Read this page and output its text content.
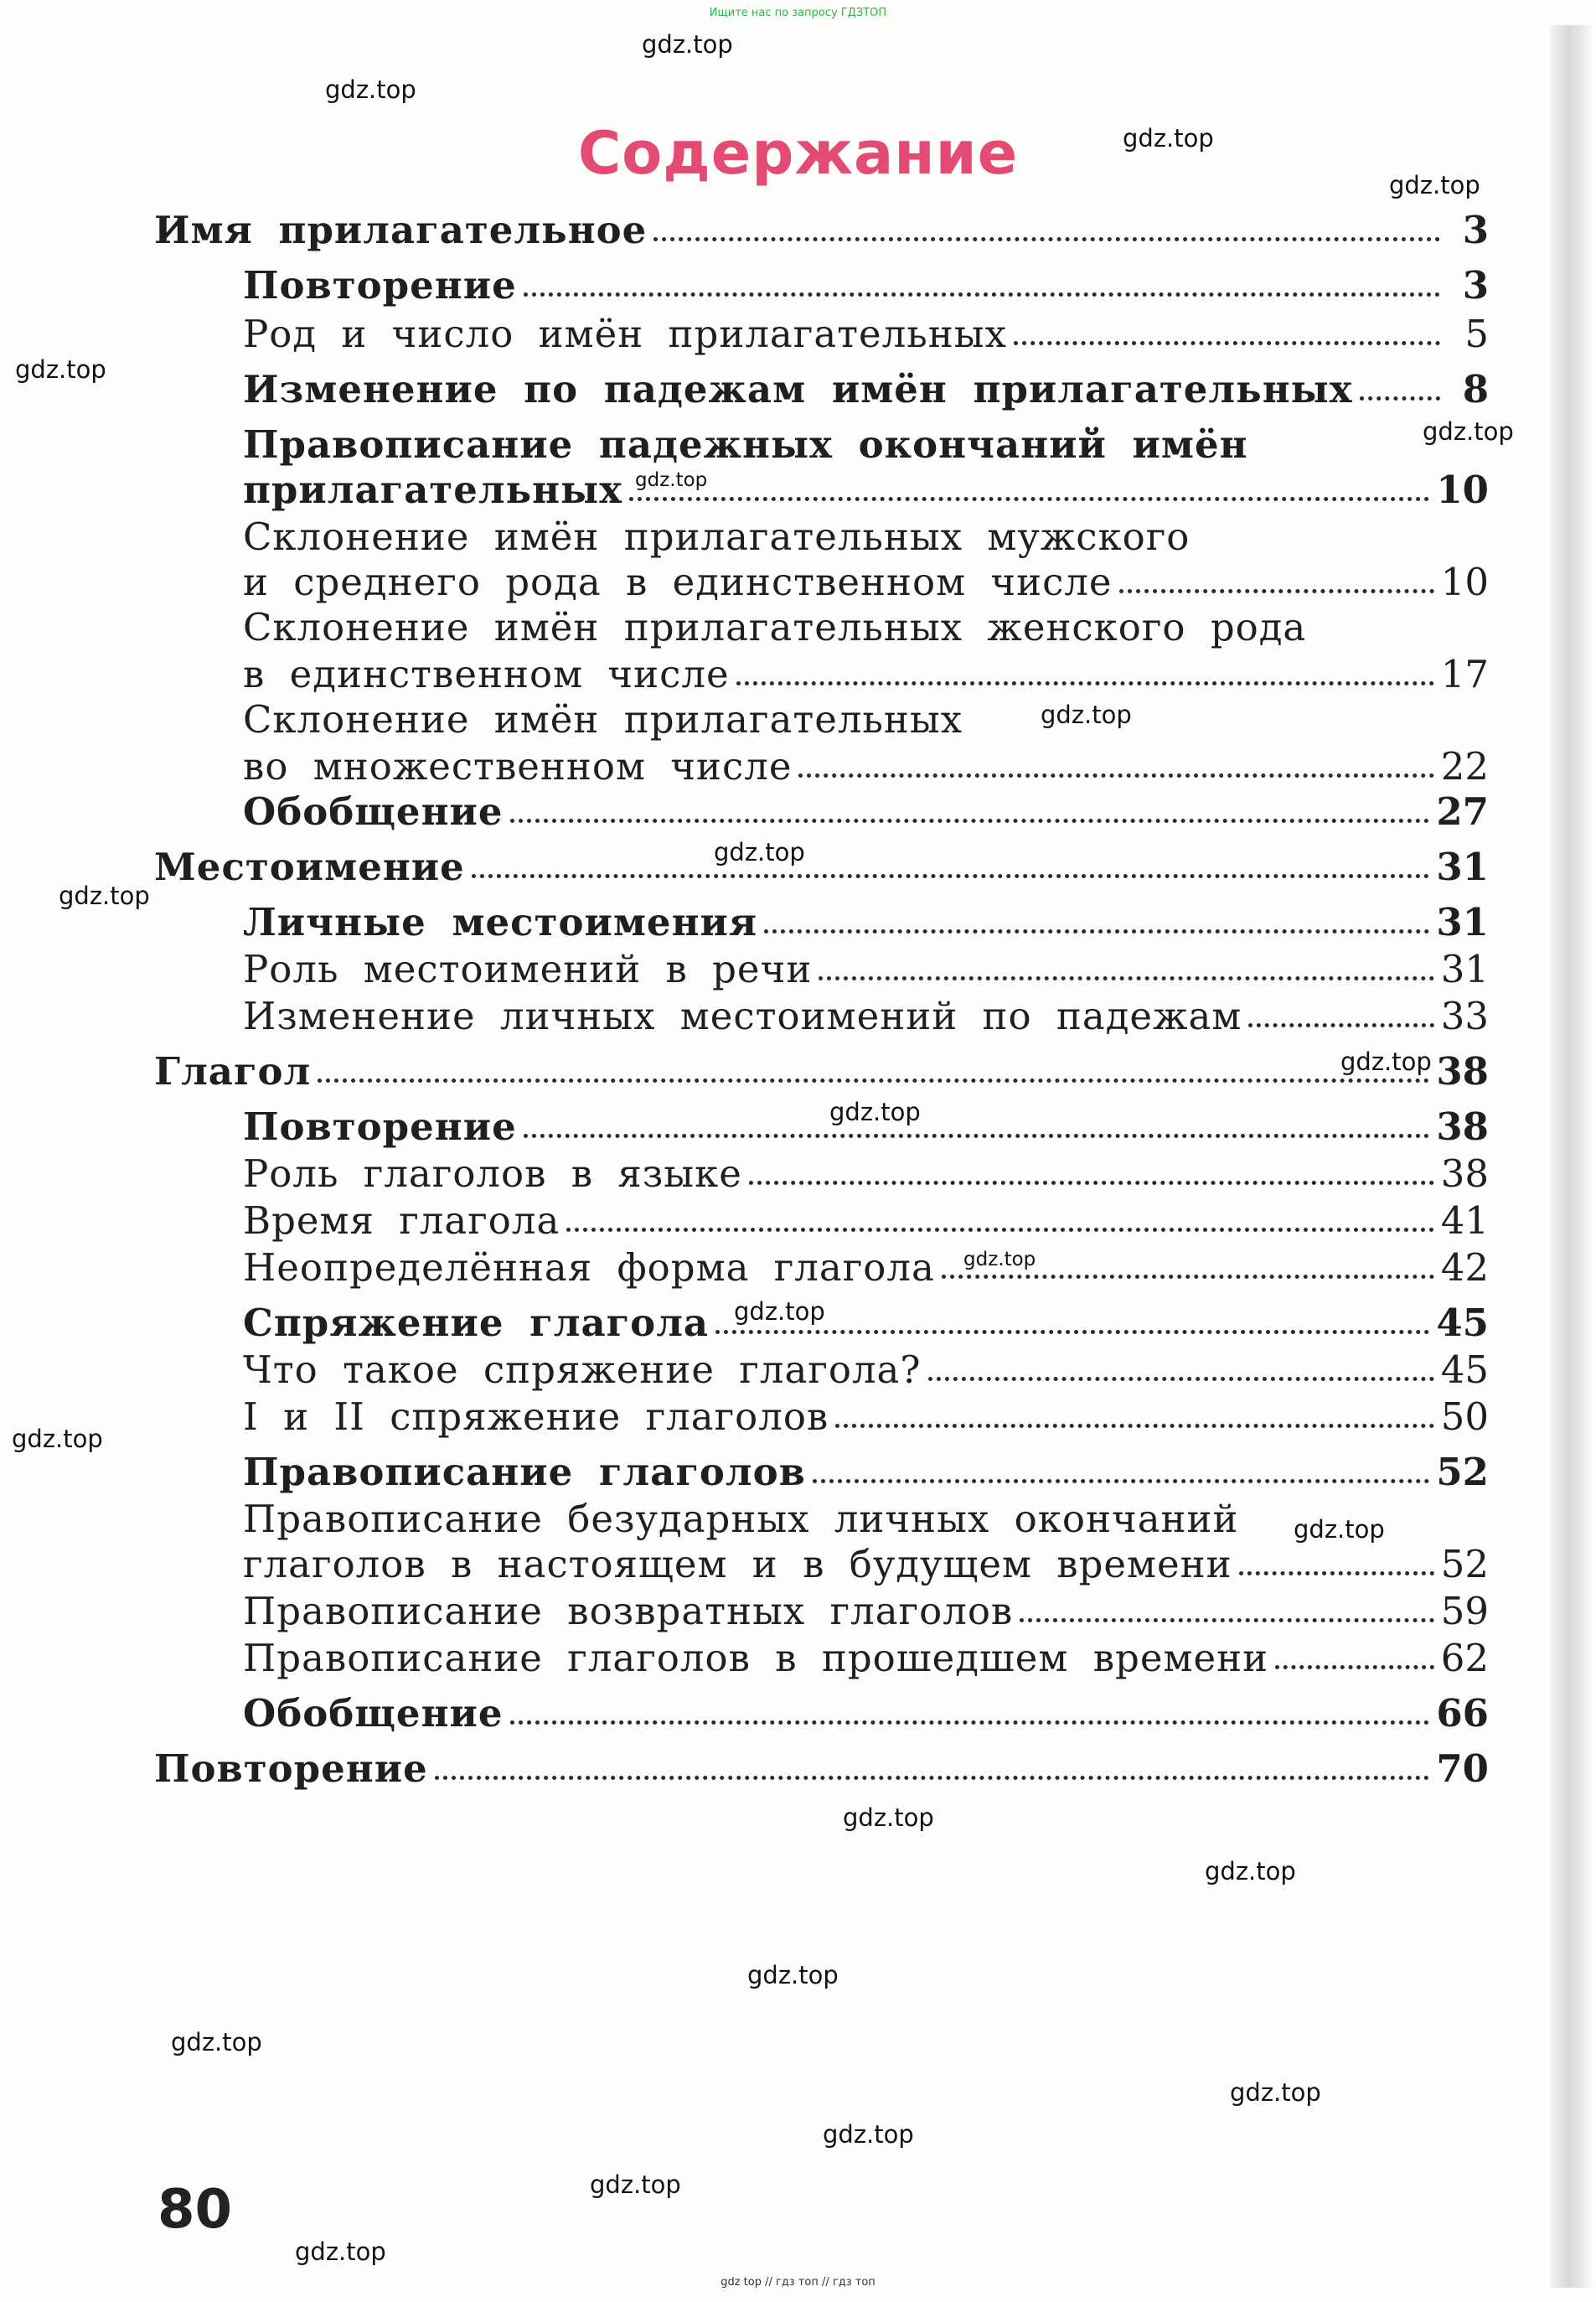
Ищите нас по запросу ГДЗТОП
Содержание
Имя прилагательное	3
Повторение	3
Род и число имён прилагательных	5
Изменение по падежам имён прилагательных	8
Правописание падежных окончаний имён
прилагательных	10
Склонение имён прилагательных мужского
и среднего рода в единственном числе	10
Склонение имён прилагательных женского рода
в единственном числе	17
Склонение имён прилагательных
во множественном числе	22
Обобщение	27
Местоимение	31
Личные местоимения	31
Роль местоимений в речи	31
Изменение личных местоимений по падежам	33
Глагол	38
Повторение	38
Роль глаголов в языке	38
Время глагола	41
Неопределённая форма глагола	42
Спряжение глагола	45
Что такое спряжение глагола?	45
I и II спряжение глаголов	50
Правописание глаголов	52
Правописание безударных личных окончаний
глаголов в настоящем и в будущем времени	52
Правописание возвратных глаголов	59
Правописание глаголов в прошедшем времени	62
Обобщение	66
Повторение	70
80
gdz.top
gdz.top
gdz.top
gdz.top
gdz.top
gdz.top
gdz.top
gdz.top
gdz.top
gdz.top
gdz.top
gdz.top
gdz.top
gdz.top
gdz.top
gdz.top
gdz.top
gdz.top
gdz.top
gdz.top
gdz.top
gdz.top
gdz.top
gdz.top
gdz top // гдз топ // гдз топ
